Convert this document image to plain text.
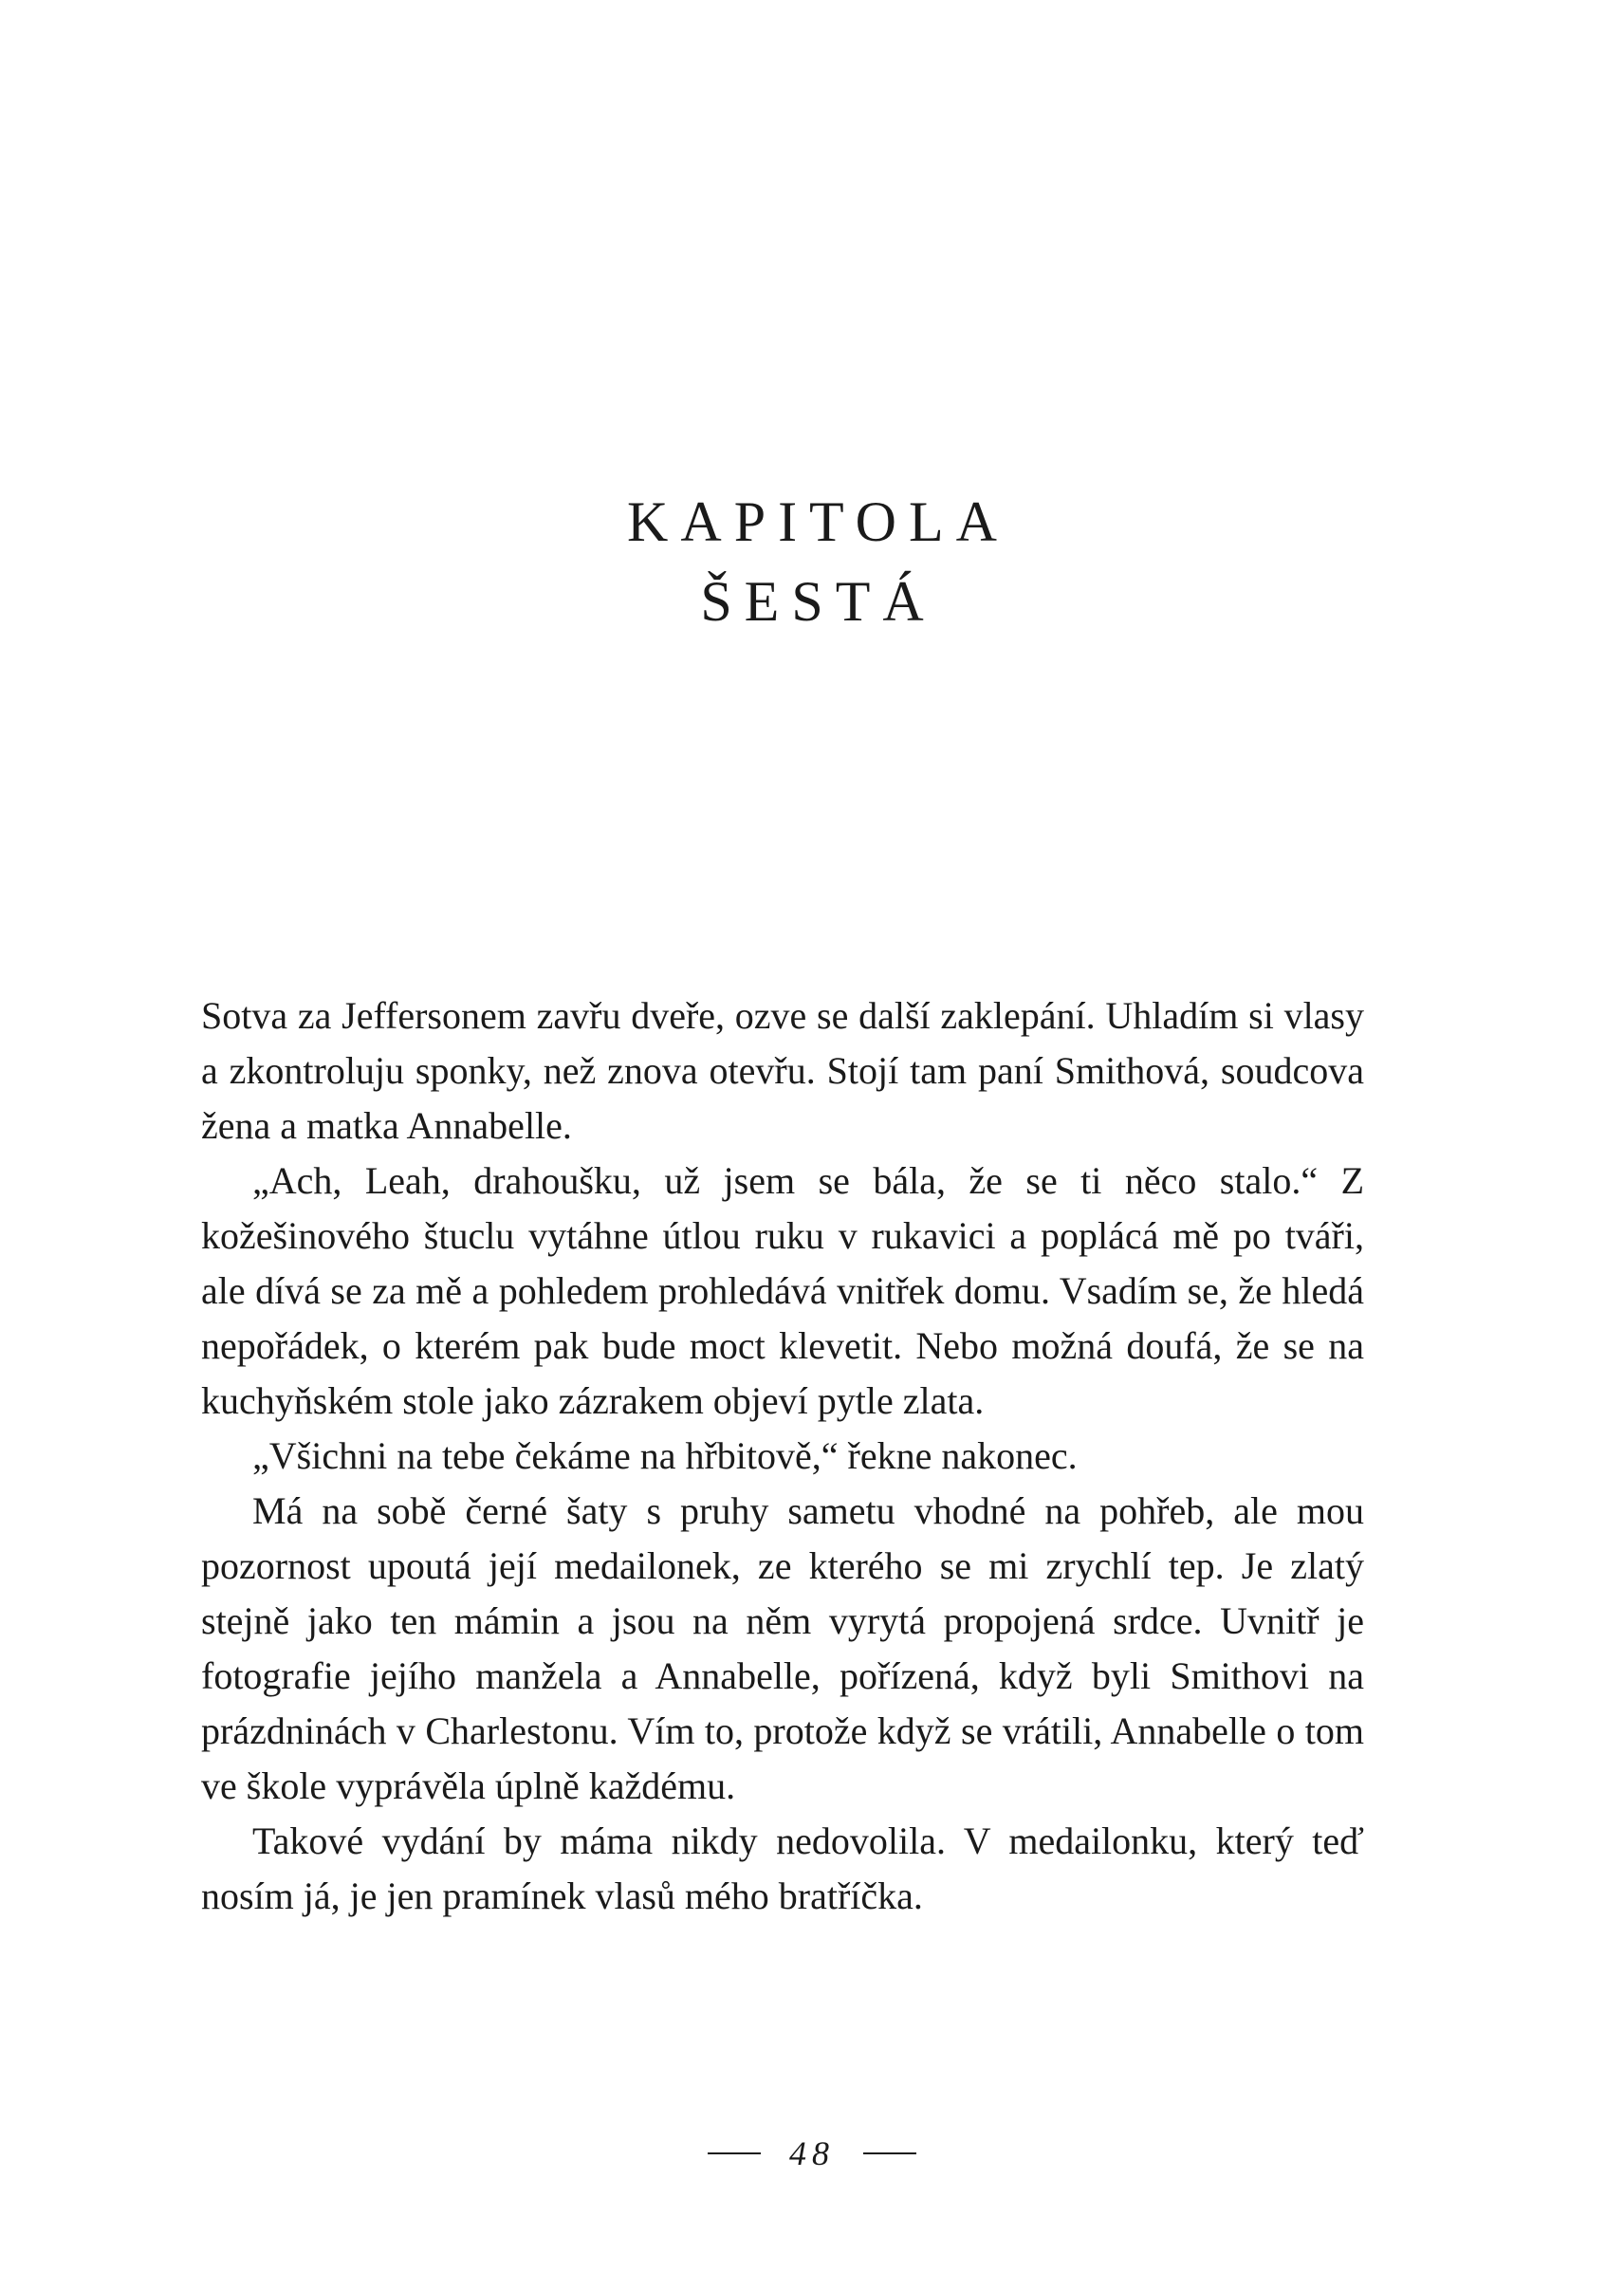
KAPITOLA
ŠESTÁ

Sotva za Jeffersonem zavřu dveře, ozve se další zaklepání. Uhladím si vlasy a zkontroluju sponky, než znova otevřu. Stojí tam paní Smithová, soudcova žena a matka Annabelle.

„Ach, Leah, drahoušku, už jsem se bála, že se ti něco stalo.“ Z kožešinového štuclu vytáhne útlou ruku v rukavici a poplácá mě po tváři, ale dívá se za mě a pohledem prohledává vnitřek domu. Vsadím se, že hledá nepořádek, o kterém pak bude moct klevetit. Nebo možná doufá, že se na kuchyňském stole jako zázrakem objeví pytle zlata.

„Všichni na tebe čekáme na hřbitově,“ řekne nakonec.

Má na sobě černé šaty s pruhy sametu vhodné na pohřeb, ale mou pozornost upoutá její medailonek, ze kterého se mi zrychlí tep. Je zlatý stejně jako ten mámin a jsou na něm vyrytá propojená srdce. Uvnitř je fotografie jejího manžela a Annabelle, pořízená, když byli Smithovi na prázdninách v Charlestonu. Vím to, protože když se vrátili, Annabelle o tom ve škole vyprávěla úplně každému.

Takové vydání by máma nikdy nedovolila. V medailonku, který teď nosím já, je jen pramínek vlasů mého bratříčka.

48
